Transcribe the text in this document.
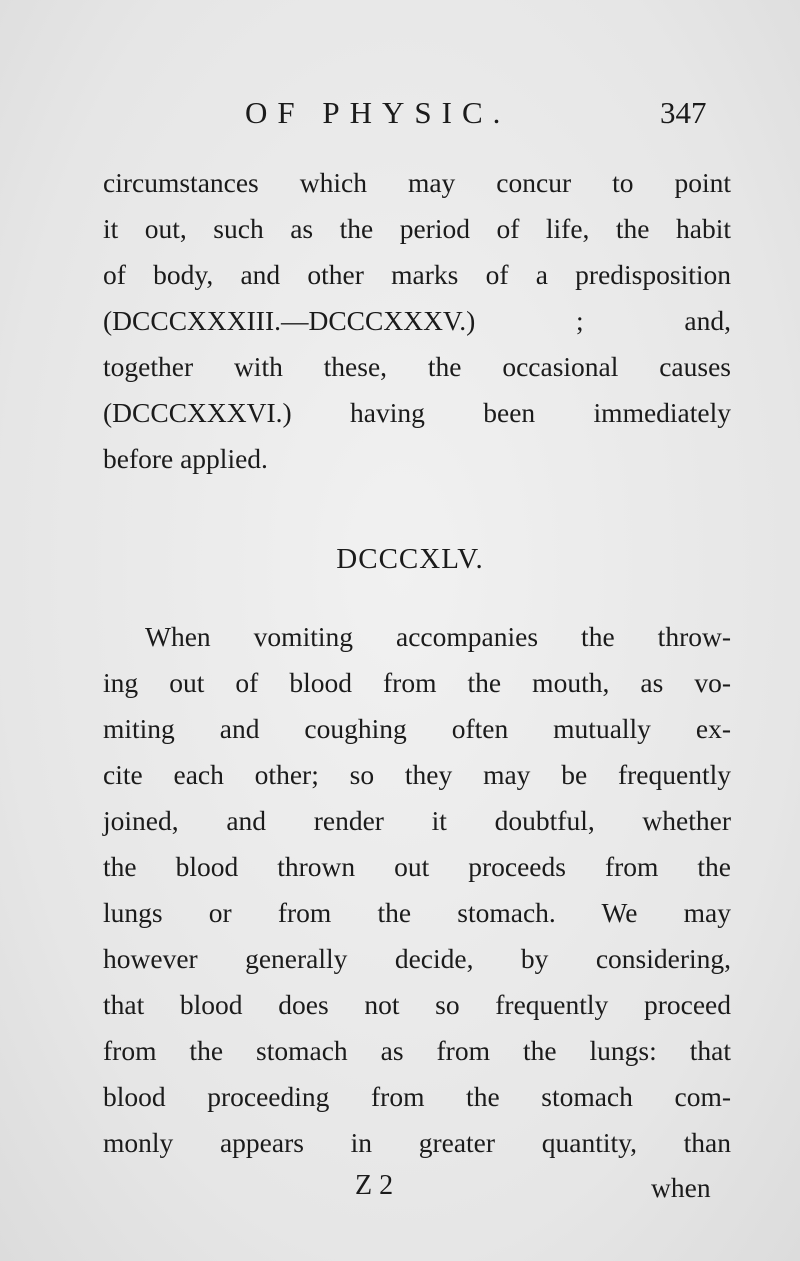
OF PHYSIC.	347
circumstances which may concur to point
it out, such as the period of life, the habit
of body, and other marks of a predisposition
(DCCCXXXIII.—DCCCXXXV.) ; and,
together with these, the occasional causes
(DCCCXXXVI.) having been immediately
before applied.
DCCCXLV.
When vomiting accompanies the throw-
ing out of blood from the mouth, as vo-
miting and coughing often mutually ex-
cite each other; so they may be frequently
joined, and render it doubtful, whether
the blood thrown out proceeds from the
lungs or from the stomach. We may
however generally decide, by considering,
that blood does not so frequently proceed
from the stomach as from the lungs: that
blood proceeding from the stomach com-
monly appears in greater quantity, than
Z 2	when
